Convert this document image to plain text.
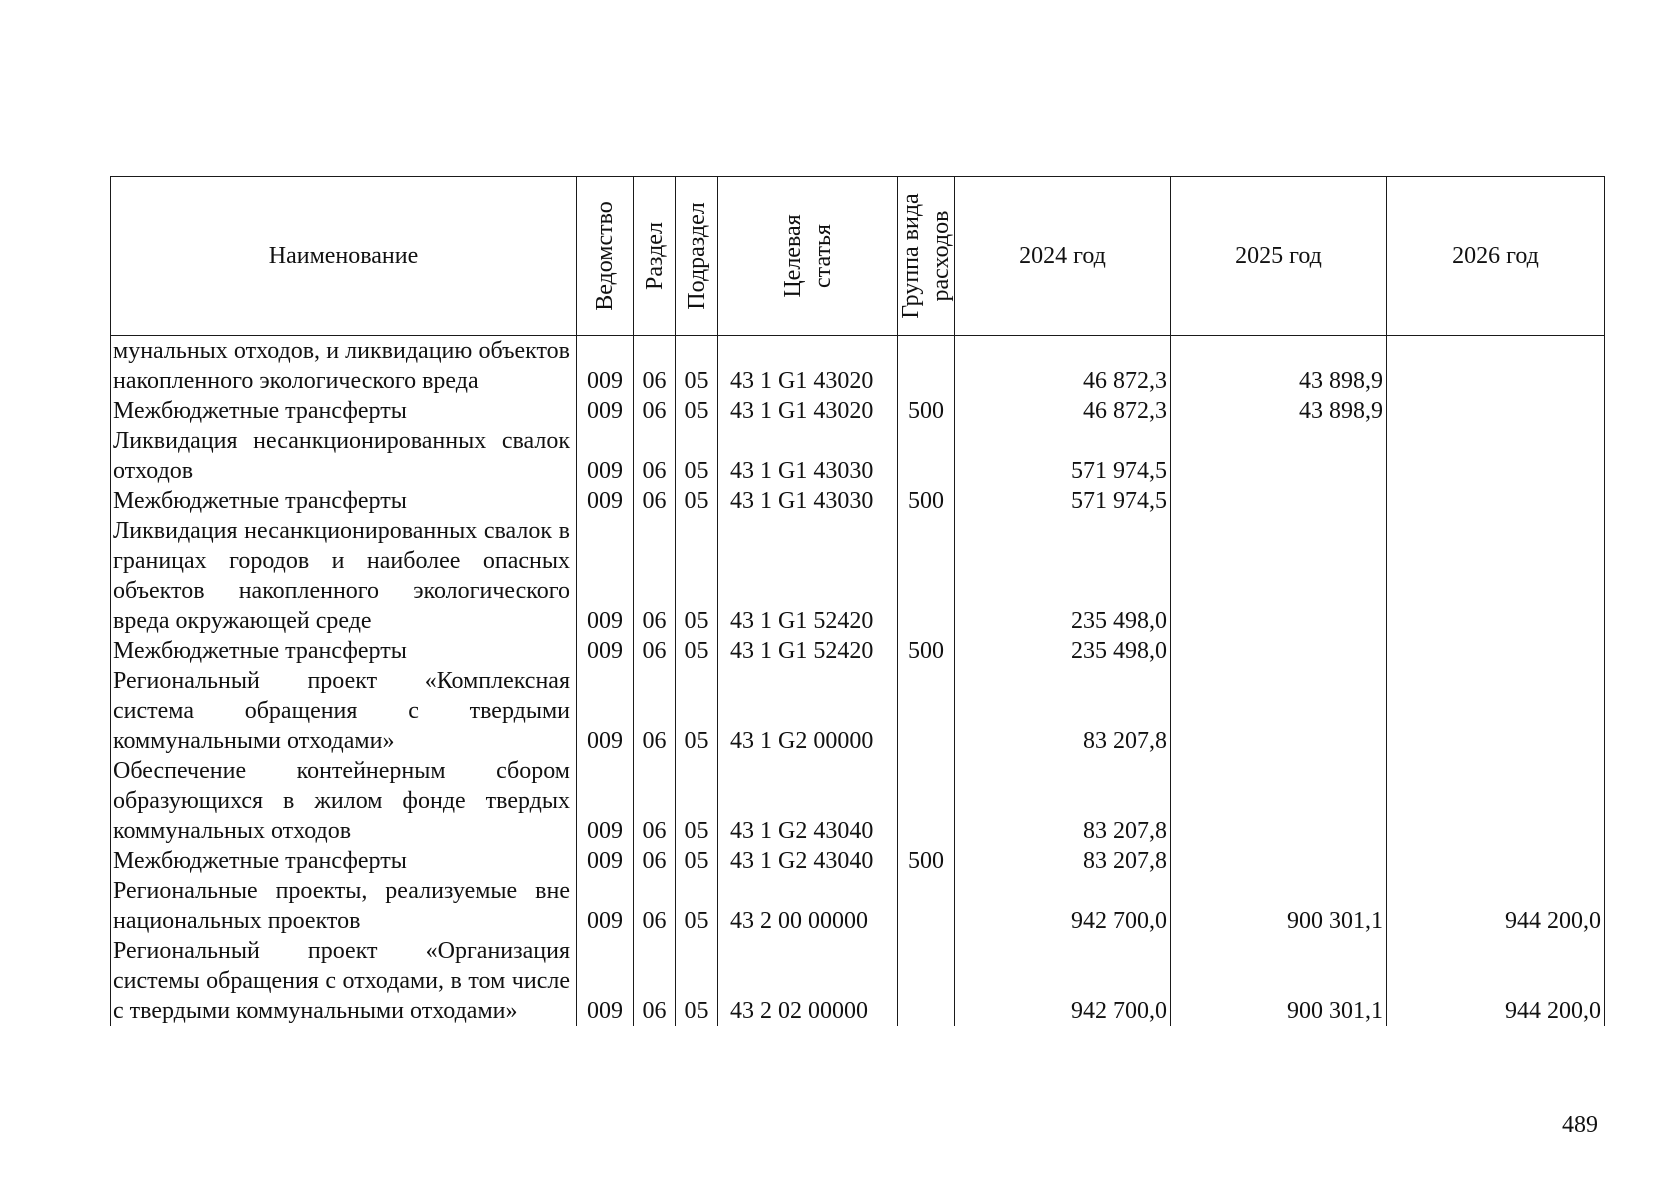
Наименование	Ведомство	Раздел	Подраздел	Целевая статья	Группа вида расходов	2024 год	2025 год	2026 год
мунальных отходов, и ликвидацию объектов накопленного экологического вреда	009	06	05	43 1 G1 43020		46 872,3	43 898,9	
Межбюджетные трансферты	009	06	05	43 1 G1 43020	500	46 872,3	43 898,9	
Ликвидация несанкционированных свалок отходов	009	06	05	43 1 G1 43030		571 974,5		
Межбюджетные трансферты	009	06	05	43 1 G1 43030	500	571 974,5		
Ликвидация несанкционированных свалок в границах городов и наиболее опасных объектов накопленного экологического вреда окружающей среде	009	06	05	43 1 G1 52420		235 498,0		
Межбюджетные трансферты	009	06	05	43 1 G1 52420	500	235 498,0		
Региональный проект «Комплексная система обращения с твердыми коммунальными отходами»	009	06	05	43 1 G2 00000		83 207,8		
Обеспечение контейнерным сбором образующихся в жилом фонде твердых коммунальных отходов	009	06	05	43 1 G2 43040		83 207,8		
Межбюджетные трансферты	009	06	05	43 1 G2 43040	500	83 207,8		
Региональные проекты, реализуемые вне национальных проектов	009	06	05	43 2 00 00000		942 700,0	900 301,1	944 200,0
Региональный проект «Организация системы обращения с отходами, в том числе с твердыми коммунальными отходами»	009	06	05	43 2 02 00000		942 700,0	900 301,1	944 200,0
489
